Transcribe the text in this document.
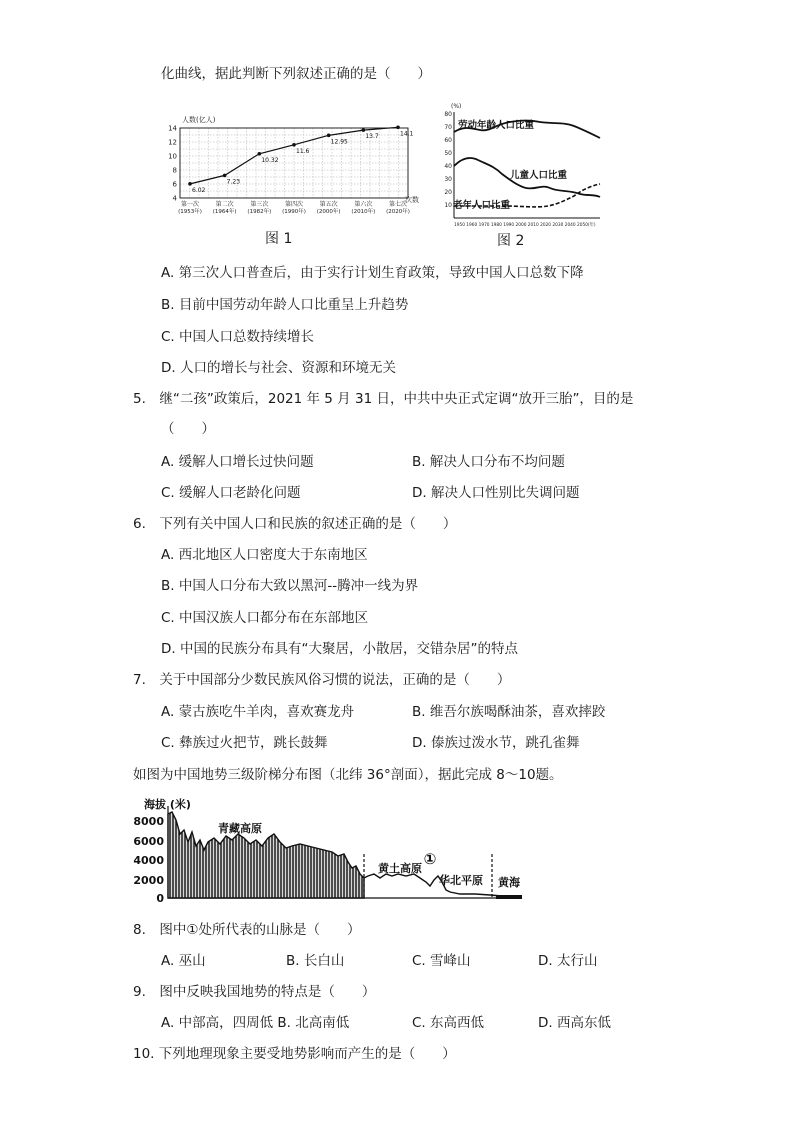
化曲线，据此判断下列叙述正确的是（　　）
人数(亿人)
14
12
10
8
6
4
第一次
(1953年)
第二次
(1964年)
第三次
(1982年)
第四次
(1990年)
第五次
(2000年)
第六次
(2010年)
第七次
(2020年)
次数
6.02
7.23
10.32
11.6
12.95
13.7	14.1
图 1
(%)
80
70
60
50
40
30
20
10
劳动年龄人口比重
儿童人口比重
老年人口比重
1950 1960 1970 1980 1990 2000 2010 2020 2030 2040 2050(年)
图 2
A. 第三次人口普查后，由于实行计划生育政策，导致中国人口总数下降
B. 目前中国劳动年龄人口比重呈上升趋势
C. 中国人口总数持续增长
D. 人口的增长与社会、资源和环境无关
5.　继“二孩”政策后，2021 年 5 月 31 日，中共中央正式定调“放开三胎”，目的是
（　　）
A. 缓解人口增长过快问题	B. 解决人口分布不均问题
C. 缓解人口老龄化问题	D. 解决人口性别比失调问题
6.　下列有关中国人口和民族的叙述正确的是（　　）
A. 西北地区人口密度大于东南地区
B. 中国人口分布大致以黑河--腾冲一线为界
C. 中国汉族人口都分布在东部地区
D. 中国的民族分布具有“大聚居，小散居，交错杂居”的特点
7.　关于中国部分少数民族风俗习惯的说法，正确的是（　　）
A. 蒙古族吃牛羊肉，喜欢赛龙舟	B. 维吾尔族喝酥油茶，喜欢摔跤
C. 彝族过火把节，跳长鼓舞	D. 傣族过泼水节，跳孔雀舞
如图为中国地势三级阶梯分布图（北纬 36°剖面），据此完成 8～10题。
海拔 (米)
8000
6000
4000
2000
0
青藏高原
黄土高原
①
华北平原 黄海
8.　图中①处所代表的山脉是（　　）
A. 巫山	B. 长白山	C. 雪峰山	D. 太行山
9.　图中反映我国地势的特点是（　　）
A. 中部高，四周低 B. 北高南低	C. 东高西低	D. 西高东低
10. 下列地理现象主要受地势影响而产生的是（　　）
